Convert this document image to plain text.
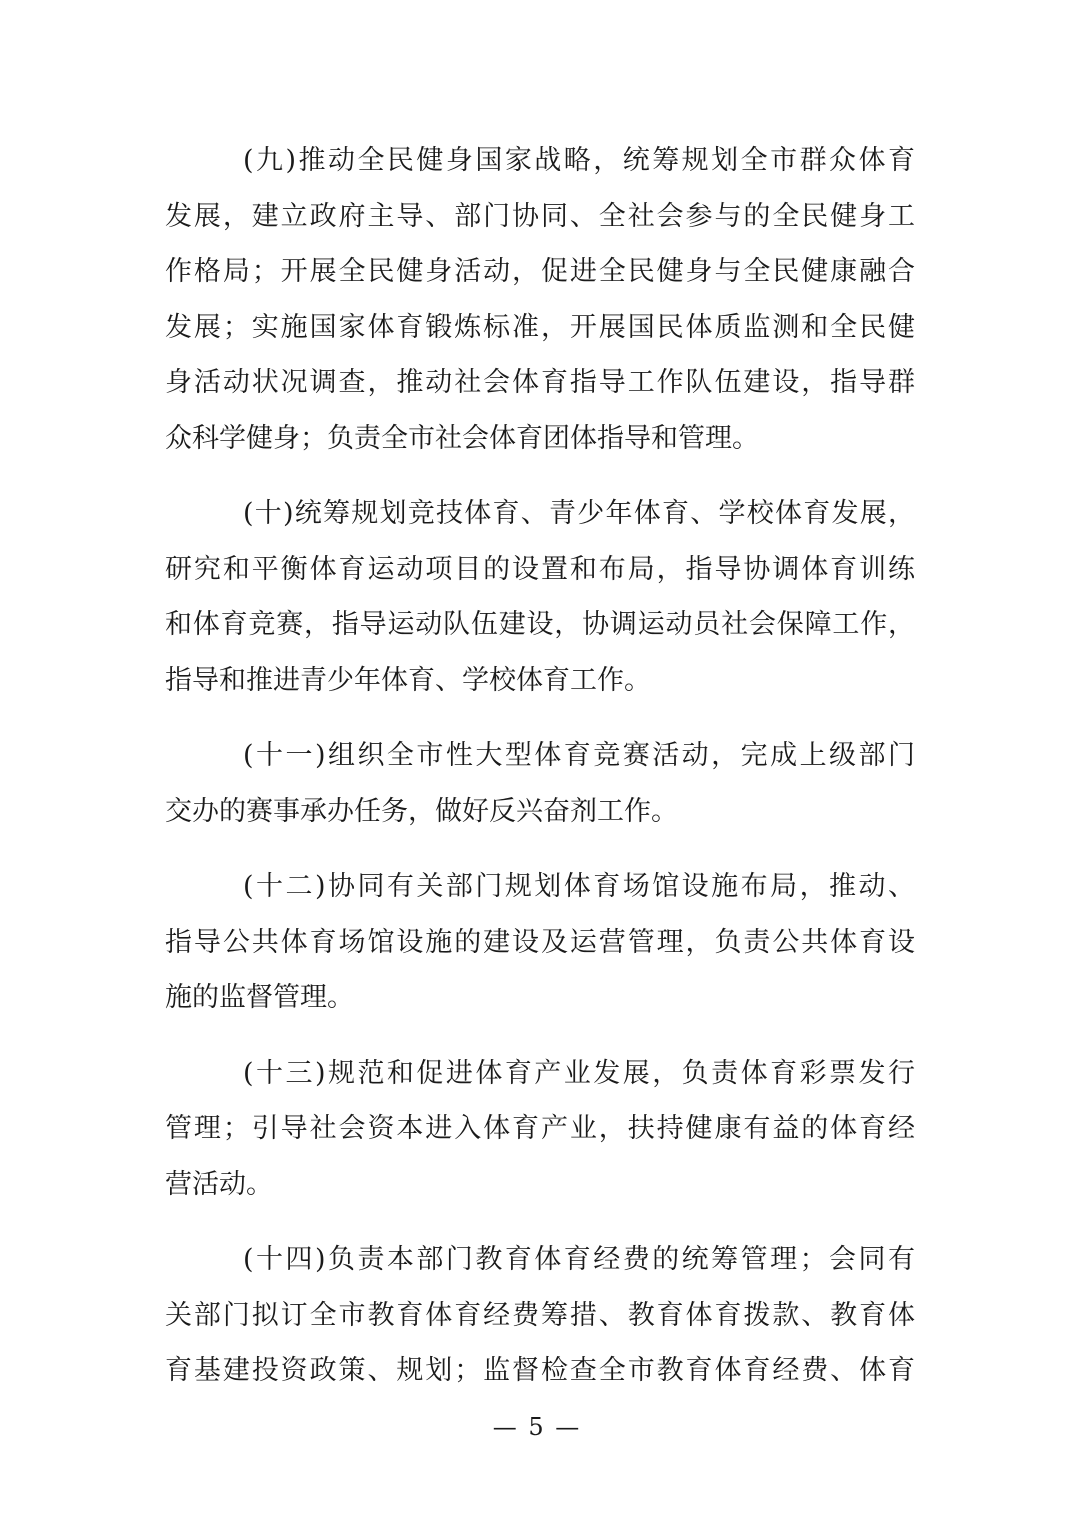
(九)推动全民健身国家战略，统筹规划全市群众体育
发展，建立政府主导、部门协同、全社会参与的全民健身工
作格局；开展全民健身活动，促进全民健身与全民健康融合
发展；实施国家体育锻炼标准，开展国民体质监测和全民健
身活动状况调查，推动社会体育指导工作队伍建设，指导群
众科学健身；负责全市社会体育团体指导和管理。
(十)统筹规划竞技体育、青少年体育、学校体育发展，
研究和平衡体育运动项目的设置和布局，指导协调体育训练
和体育竞赛，指导运动队伍建设，协调运动员社会保障工作，
指导和推进青少年体育、学校体育工作。
(十一)组织全市性大型体育竞赛活动，完成上级部门
交办的赛事承办任务，做好反兴奋剂工作。
(十二)协同有关部门规划体育场馆设施布局，推动、
指导公共体育场馆设施的建设及运营管理，负责公共体育设
施的监督管理。
(十三)规范和促进体育产业发展，负责体育彩票发行
管理；引导社会资本进入体育产业，扶持健康有益的体育经
营活动。
(十四)负责本部门教育体育经费的统筹管理；会同有
关部门拟订全市教育体育经费筹措、教育体育拨款、教育体
育基建投资政策、规划；监督检查全市教育体育经费、体育
— 5 —
